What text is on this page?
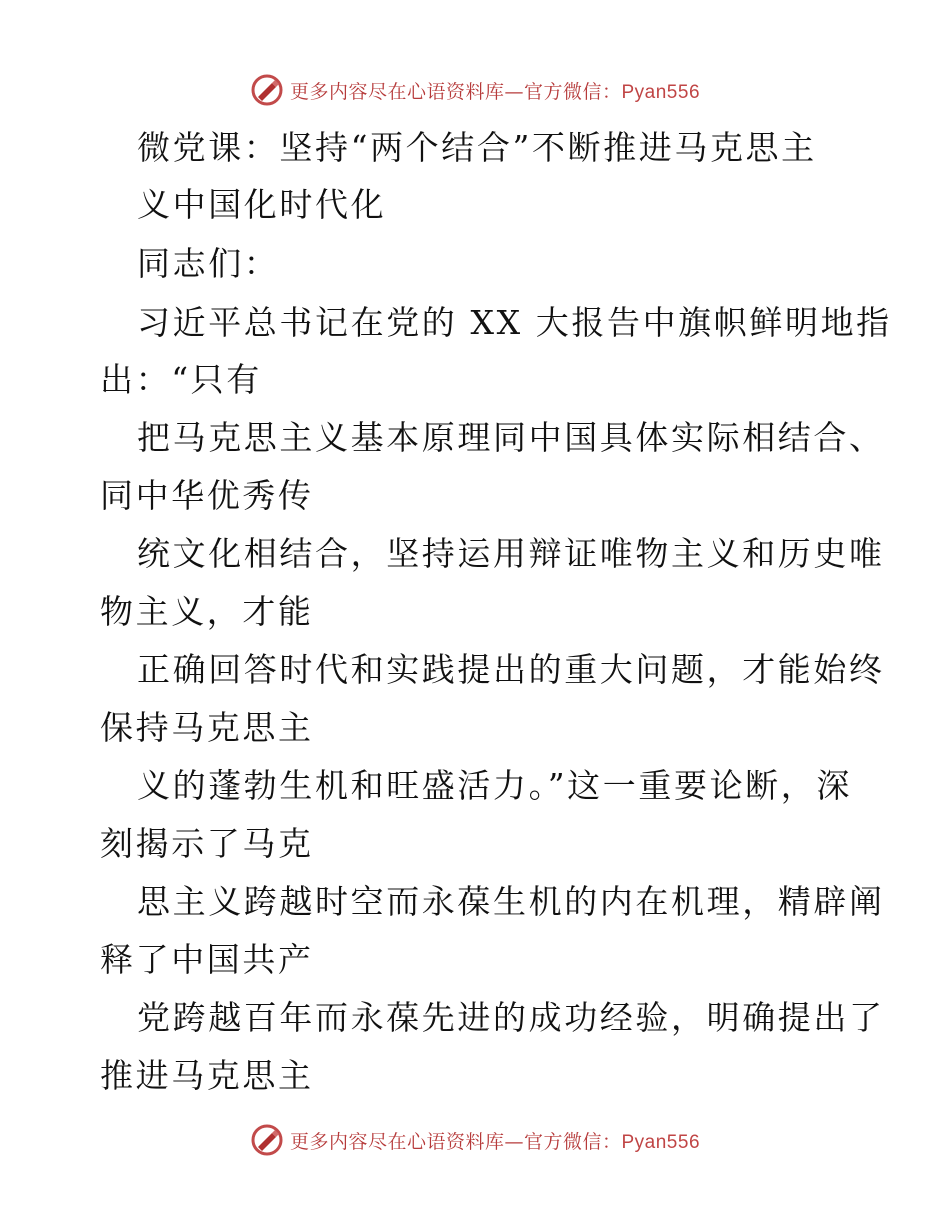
更多内容尽在心语资料库—官方微信：Pyan556
微党课：坚持“两个结合”不断推进马克思主
义中国化时代化
同志们：
习近平总书记在党的 XX 大报告中旗帜鲜明地指
出：“只有
把马克思主义基本原理同中国具体实际相结合、
同中华优秀传
统文化相结合，坚持运用辩证唯物主义和历史唯
物主义，才能
正确回答时代和实践提出的重大问题，才能始终
保持马克思主
义的蓬勃生机和旺盛活力。”这一重要论断，深
刻揭示了马克
思主义跨越时空而永葆生机的内在机理，精辟阐
释了中国共产
党跨越百年而永葆先进的成功经验，明确提出了
推进马克思主
更多内容尽在心语资料库—官方微信：Pyan556
